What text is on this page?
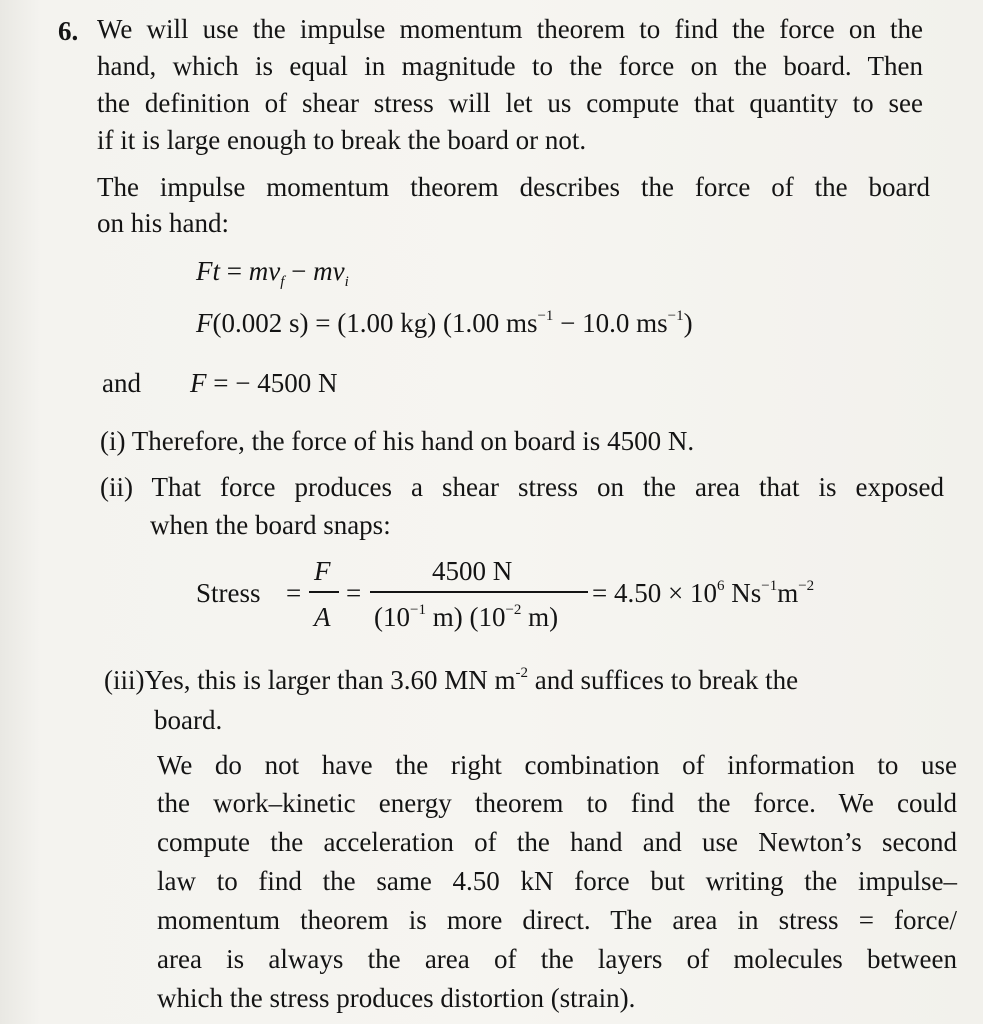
6. We will use the impulse momentum theorem to find the force on the
hand, which is equal in magnitude to the force on the board. Then
the definition of shear stress will let us compute that quantity to see
if it is large enough to break the board or not.
The impulse momentum theorem describes the force of the board
on his hand:
$Ft = mv_f - mv_i$
F(0.002 s) = (1.00 kg) (1.00 $ms^{-1} - 10.0$ $ms^{-1}$)
and F = − 4500 N
(i) Therefore, the force of his hand on board is 4500 N.
(ii) That force produces a shear stress on the area that is exposed
when the board snaps:
Stress =
F
A
=
4500 N
($10^{-1}$ m) ($10^{-2}$ m)
= $4.50 \times 10^6$ $Ns^{-1}m^{-2}$
(iii)Yes, this is larger than 3.60 MN $m^{-2}$ and suffices to break the
board.
We do not have the right combination of information to use
the work–kinetic energy theorem to find the force. We could
compute the acceleration of the hand and use Newton’s second
law to find the same 4.50 kN force but writing the impulse–
momentum theorem is more direct. The area in stress = force/
area is always the area of the layers of molecules between
which the stress produces distortion (strain).
